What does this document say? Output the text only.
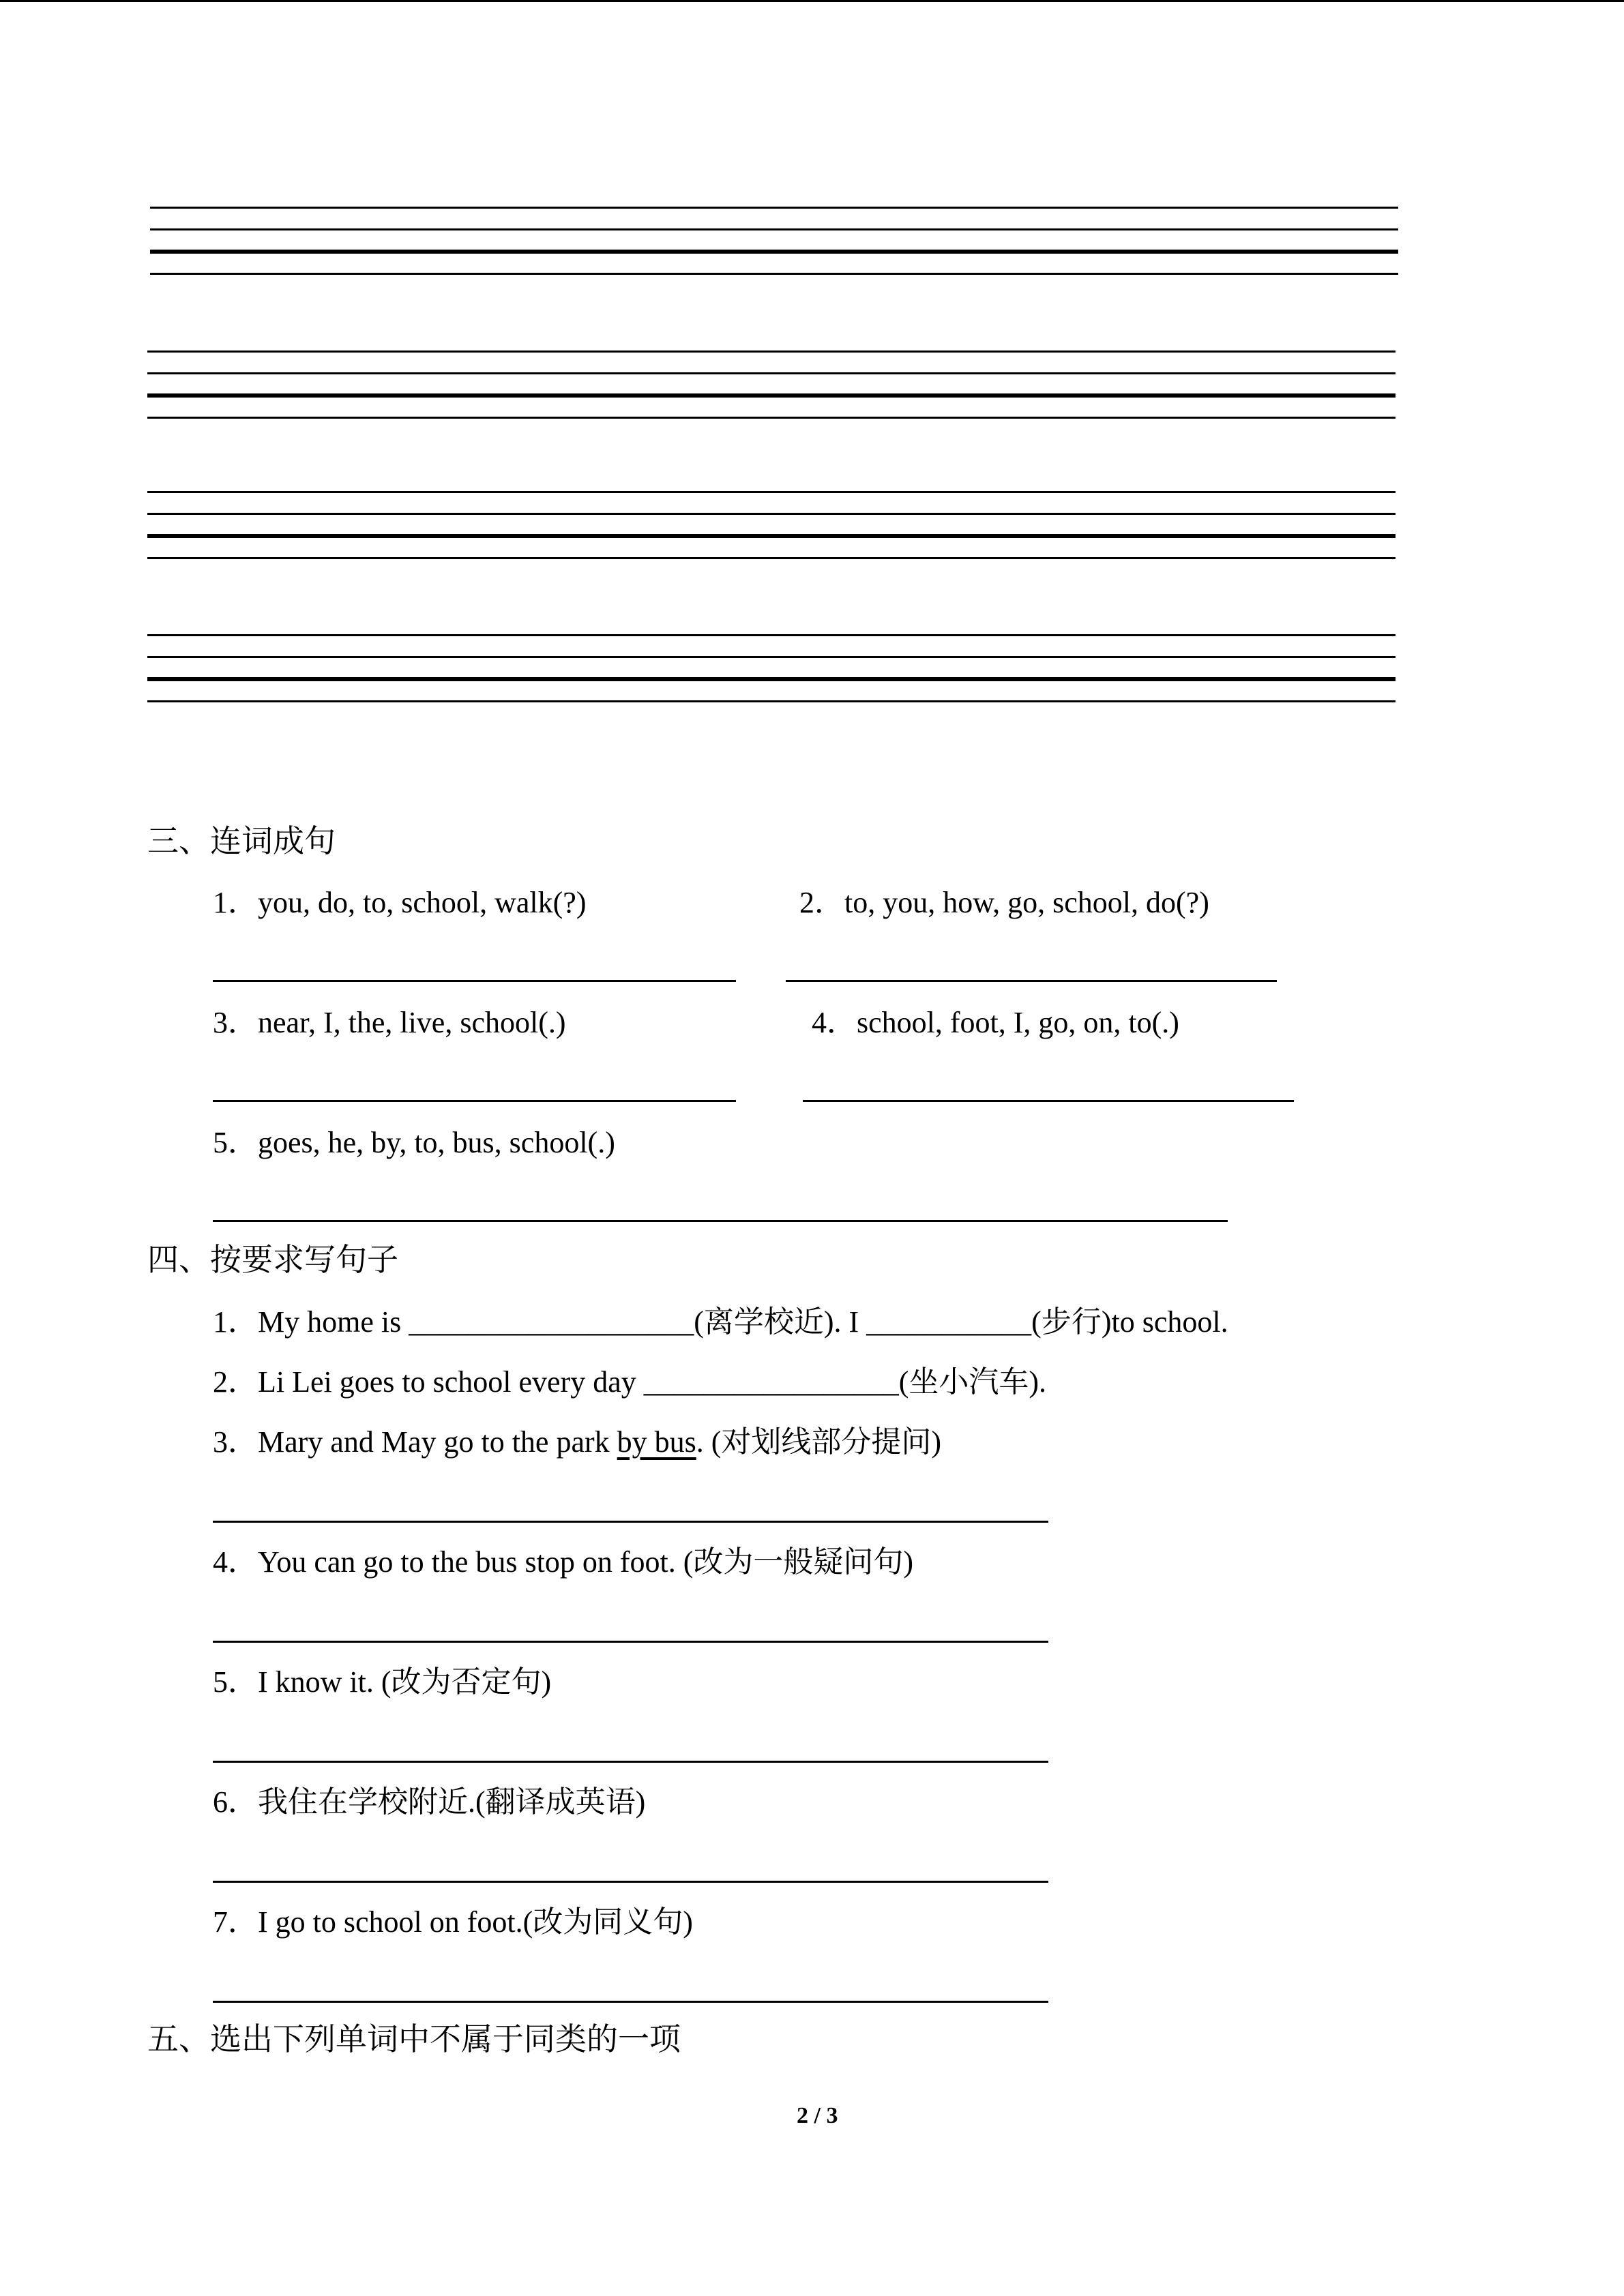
三、连词成句
1．you, do, to, school, walk(?)	2．to, you, how, go, school, do(?)
3．near, I, the, live, school(.)	4．school, foot, I, go, on, to(.)
5．goes, he, by, to, bus, school(.)
四、按要求写句子
1．My home is ___________________(离学校近). I ___________(步行)to school.
2．Li Lei goes to school every day _________________(坐小汽车).
3．Mary and May go to the park by bus. (对划线部分提问)
4．You can go to the bus stop on foot. (改为一般疑问句)
5．I know it. (改为否定句)
6．我住在学校附近.(翻译成英语)
7．I go to school on foot.(改为同义句)
五、选出下列单词中不属于同类的一项
2 / 3
